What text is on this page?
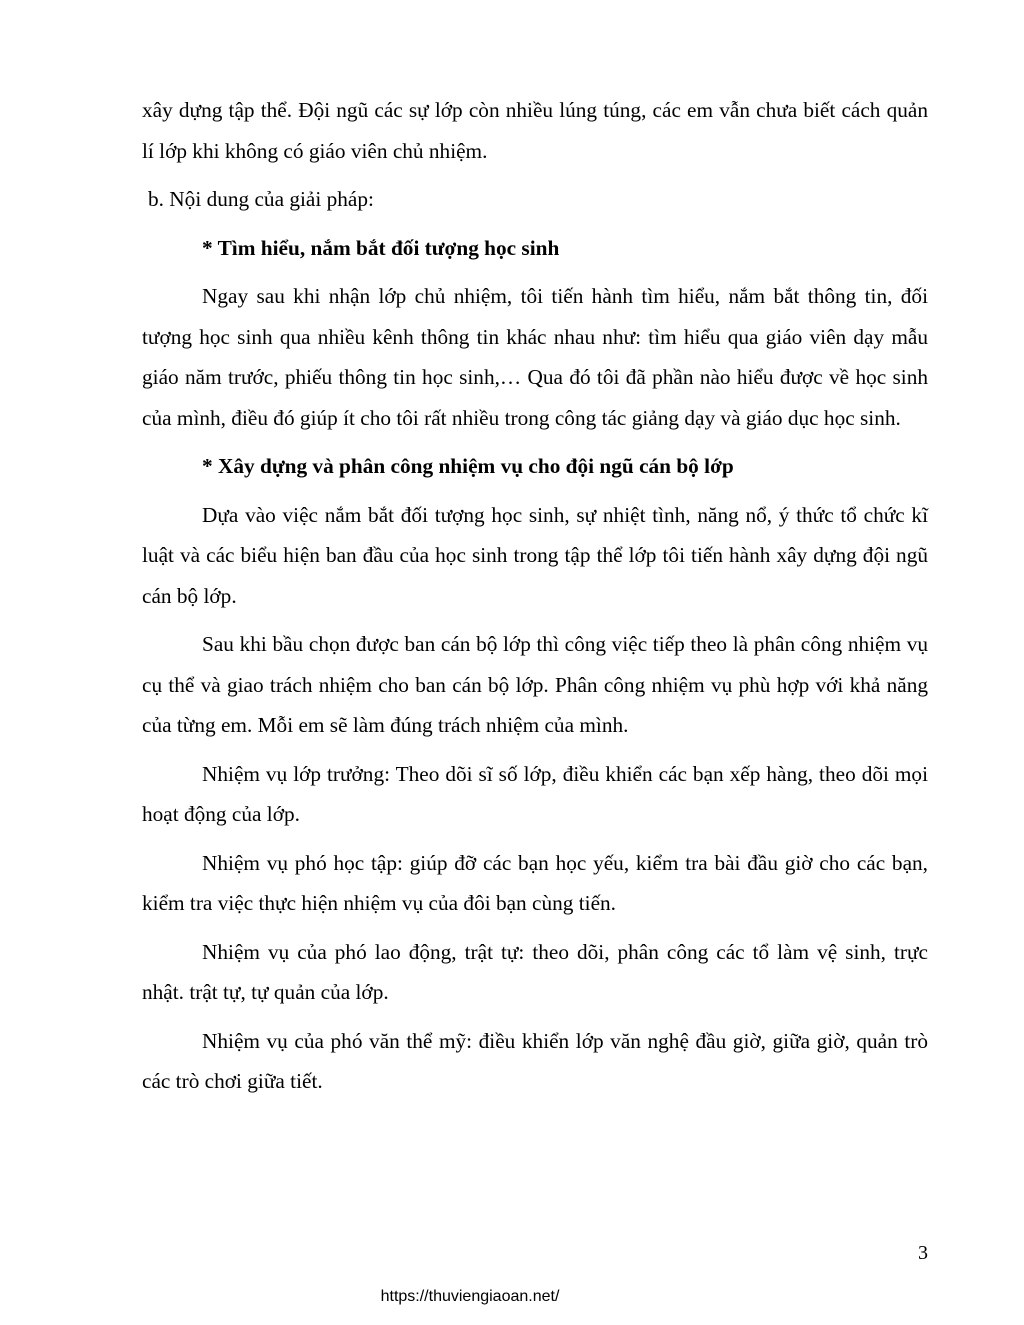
xây dựng tập thể. Đội ngũ các sự lớp còn nhiều lúng túng, các em vẫn chưa biết cách quản lí lớp khi không có giáo viên chủ nhiệm.

b. Nội dung của giải pháp:

* Tìm hiểu, nắm bắt đối tượng học sinh

Ngay sau khi nhận lớp chủ nhiệm, tôi tiến hành tìm hiểu, nắm bắt thông tin, đối tượng học sinh qua nhiều kênh thông tin khác nhau như: tìm hiểu qua giáo viên dạy mẫu giáo năm trước, phiếu thông tin học sinh,… Qua đó tôi đã phần nào hiểu được về học sinh của mình, điều đó giúp ít cho tôi rất nhiều trong công tác giảng dạy và giáo dục học sinh.

* Xây dựng và phân công nhiệm vụ cho đội ngũ cán bộ lớp

Dựa vào việc nắm bắt đối tượng học sinh, sự nhiệt tình, năng nổ, ý thức tổ chức kĩ luật và các biểu hiện ban đầu của học sinh trong tập thể lớp tôi tiến hành xây dựng đội ngũ cán bộ lớp.

Sau khi bầu chọn được ban cán bộ lớp thì công việc tiếp theo là phân công nhiệm vụ cụ thể và giao trách nhiệm cho ban cán bộ lớp. Phân công nhiệm vụ phù hợp với khả năng của từng em. Mỗi em sẽ làm đúng trách nhiệm của mình.

Nhiệm vụ lớp trưởng: Theo dõi sĩ số lớp, điều khiển các bạn xếp hàng, theo dõi mọi hoạt động của lớp.

Nhiệm vụ phó học tập: giúp đỡ các bạn học yếu, kiểm tra bài đầu giờ cho các bạn, kiểm tra việc thực hiện nhiệm vụ của đôi bạn cùng tiến.

Nhiệm vụ của phó lao động, trật tự: theo dõi, phân công các tổ làm vệ sinh, trực nhật. trật tự, tự quản của lớp.

Nhiệm vụ của phó văn thể mỹ: điều khiển lớp văn nghệ đầu giờ, giữa giờ, quản trò các trò chơi giữa tiết.

3
https://thuviengiaoan.net/
